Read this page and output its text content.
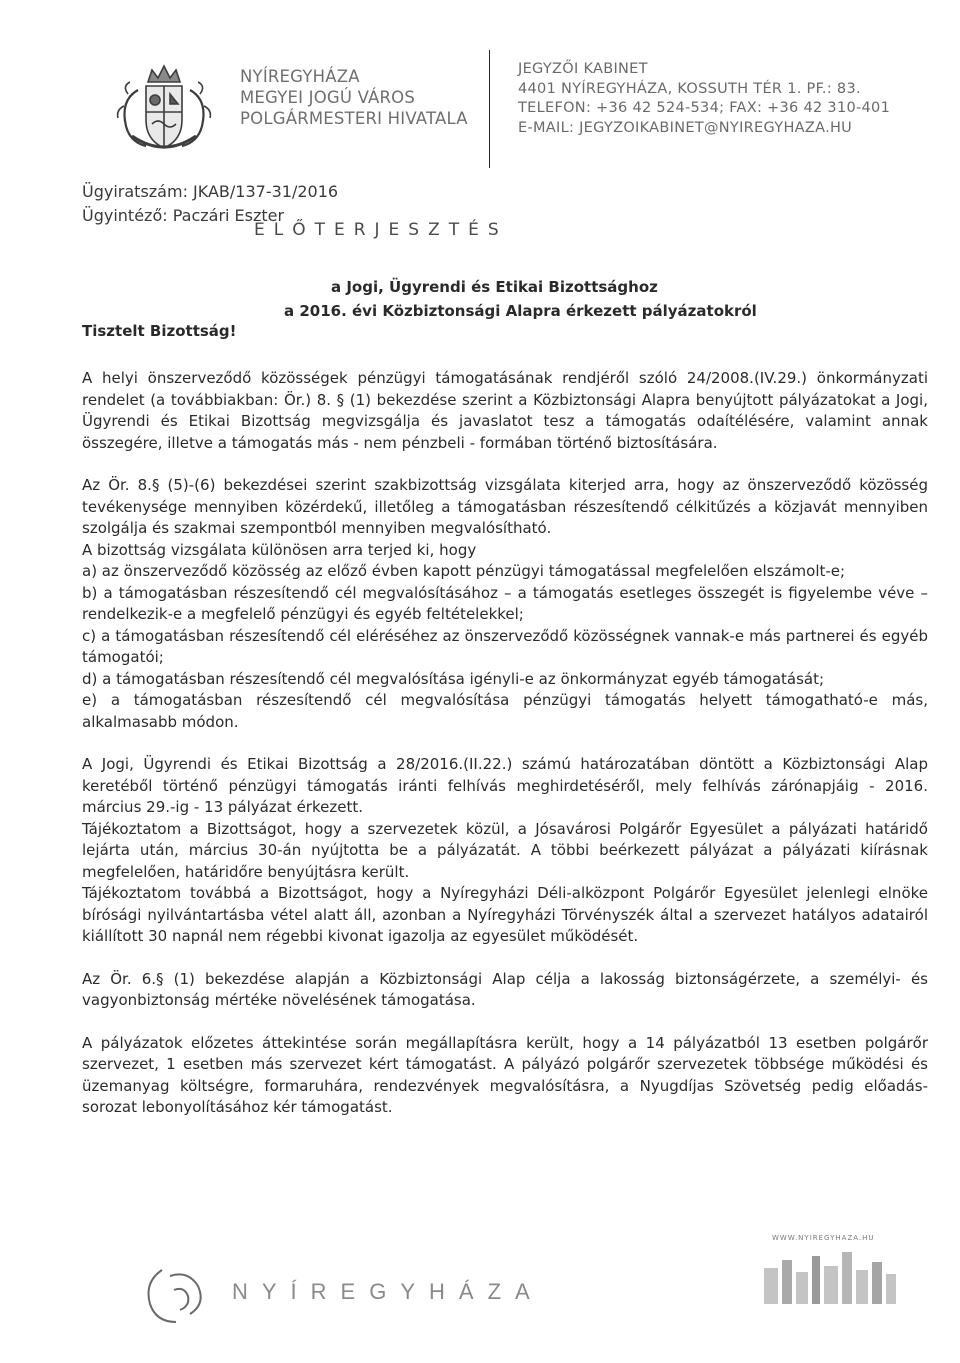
NYÍREGYHÁZA
MEGYEI JOGÚ VÁROS
POLGÁRMESTERI HIVATALA
JEGYZŐI KABINET
4401 NYÍREGYHÁZA, KOSSUTH TÉR 1. PF.: 83.
TELEFON: +36 42 524-534; FAX: +36 42 310-401
E-MAIL: JEGYZOIKABINET@NYIREGYHAZA.HU
Ügyiratszám: JKAB/137-31/2016
Ügyintéző: Paczári Eszter
ELŐTERJESZTÉS
a Jogi, Ügyrendi és Etikai Bizottsághoz
a 2016. évi Közbiztonsági Alapra érkezett pályázatokról
Tisztelt Bizottság!

A helyi önszerveződő közösségek pénzügyi támogatásának rendjéről szóló 24/2008.(IV.29.) önkormányzati rendelet (a továbbiakban: Ör.) 8. § (1) bekezdése szerint a Közbiztonsági Alapra benyújtott pályázatokat a Jogi, Ügyrendi és Etikai Bizottság megvizsgálja és javaslatot tesz a támogatás odaítélésére, valamint annak összegére, illetve a támogatás más - nem pénzbeli - formában történő biztosítására.

Az Ör. 8.§ (5)-(6) bekezdései szerint szakbizottság vizsgálata kiterjed arra, hogy az önszerveződő közösség tevékenysége mennyiben közérdekű, illetőleg a támogatásban részesítendő célkitűzés a közjavát mennyiben szolgálja és szakmai szempontból mennyiben megvalósítható.

A bizottság vizsgálata különösen arra terjed ki, hogy

a) az önszerveződő közösség az előző évben kapott pénzügyi támogatással megfelelően elszámolt-e;

b) a támogatásban részesítendő cél megvalósításához – a támogatás esetleges összegét is figyelembe véve – rendelkezik-e a megfelelő pénzügyi és egyéb feltételekkel;

c) a támogatásban részesítendő cél eléréséhez az önszerveződő közösségnek vannak-e más partnerei és egyéb támogatói;

d) a támogatásban részesítendő cél megvalósítása igényli-e az önkormányzat egyéb támogatását;

e) a támogatásban részesítendő cél megvalósítása pénzügyi támogatás helyett támogatható-e más, alkalmasabb módon.

A Jogi, Ügyrendi és Etikai Bizottság a 28/2016.(II.22.) számú határozatában döntött a Közbiztonsági Alap keretéből történő pénzügyi támogatás iránti felhívás meghirdetéséről, mely felhívás zárónapjáig - 2016. március 29.-ig - 13 pályázat érkezett.

Tájékoztatom a Bizottságot, hogy a szervezetek közül, a Jósavárosi Polgárőr Egyesület a pályázati határidő lejárta után, március 30-án nyújtotta be a pályázatát. A többi beérkezett pályázat a pályázati kiírásnak megfelelően, határidőre benyújtásra került.

Tájékoztatom továbbá a Bizottságot, hogy a Nyíregyházi Déli-alközpont Polgárőr Egyesület jelenlegi elnöke bírósági nyilvántartásba vétel alatt áll, azonban a Nyíregyházi Törvényszék által a szervezet hatályos adatairól kiállított 30 napnál nem régebbi kivonat igazolja az egyesület működését.

Az Ör. 6.§ (1) bekezdése alapján a Közbiztonsági Alap célja a lakosság biztonságérzete, a személyi- és vagyonbiztonság mértéke növelésének támogatása.

A pályázatok előzetes áttekintése során megállapításra került, hogy a 14 pályázatból 13 esetben polgárőr szervezet, 1 esetben más szervezet kért támogatást. A pályázó polgárőr szervezetek többsége működési és üzemanyag költségre, formaruhára, rendezvények megvalósításra, a Nyugdíjas Szövetség pedig előadás-sorozat lebonyolításához kér támogatást.

NYÍREGYHÁZA
WWW.NYIREGYHAZA.HU
